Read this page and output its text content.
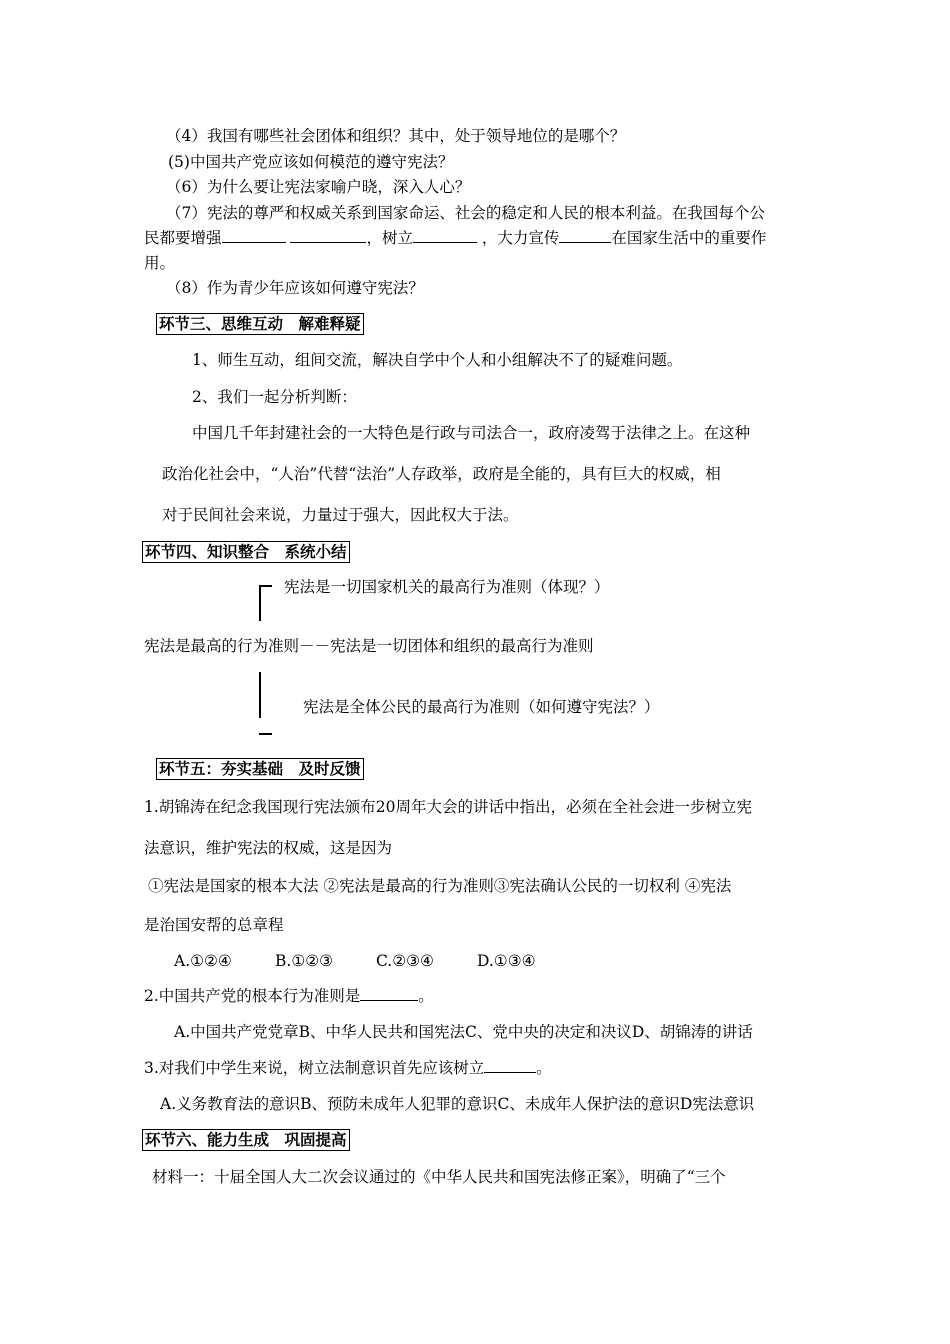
（4）我国有哪些社会团体和组织？其中，处于领导地位的是哪个？
(5)中国共产党应该如何模范的遵守宪法？
（6）为什么要让宪法家喻户晓，深入人心？
（7）宪法的尊严和权威关系到国家命运、社会的稳定和人民的根本利益。在我国每个公
民都要增强	，树立	，大力宣传	在国家生活中的重要作
用。
（8）作为青少年应该如何遵守宪法？
环节三、思维互动　解难释疑
1、师生互动，组间交流，解决自学中个人和小组解决不了的疑难问题。
2、我们一起分析判断：
中国几千年封建社会的一大特色是行政与司法合一，政府凌驾于法律之上。在这种
政治化社会中，“人治”代替“法治”人存政举，政府是全能的，具有巨大的权威，相
对于民间社会来说，力量过于强大，因此权大于法。
环节四、知识整合　系统小结
宪法是一切国家机关的最高行为准则（体现？）
宪法是最高的行为准则－－宪法是一切团体和组织的最高行为准则
宪法是全体公民的最高行为准则（如何遵守宪法？）
环节五：夯实基础　及时反馈
1.胡锦涛在纪念我国现行宪法颁布20周年大会的讲话中指出，必须在全社会进一步树立宪
法意识，维护宪法的权威，这是因为
①宪法是国家的根本大法 ②宪法是最高的行为准则③宪法确认公民的一切权利 ④宪法
是治国安帮的总章程
A.①②④	B.①②③	C.②③④	D.①③④
2.中国共产党的根本行为准则是	。
A.中国共产党党章B、中华人民共和国宪法C、党中央的决定和决议D、胡锦涛的讲话
3.对我们中学生来说，树立法制意识首先应该树立	。
A.义务教育法的意识B、预防未成年人犯罪的意识C、未成年人保护法的意识D宪法意识
环节六、能力生成　巩固提高
材料一：十届全国人大二次会议通过的《中华人民共和国宪法修正案》，明确了“三个
